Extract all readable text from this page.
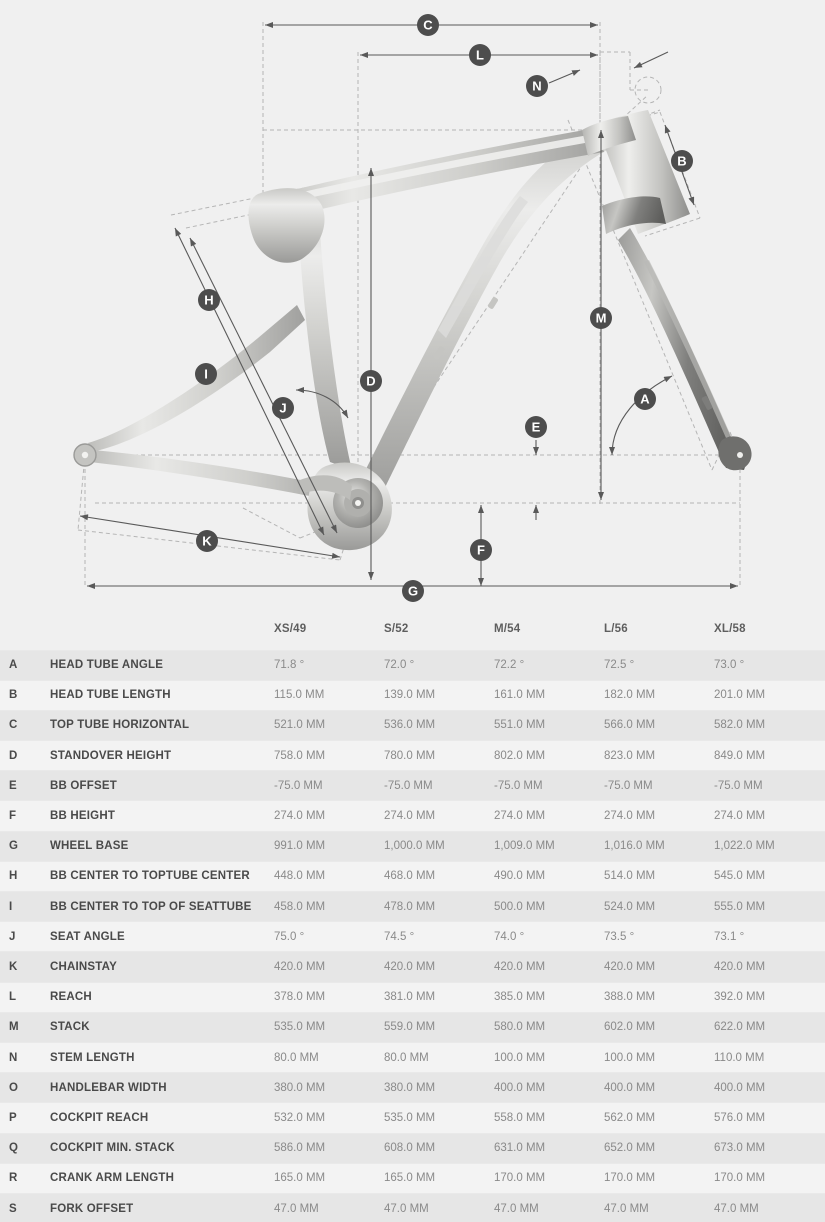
C
L
N
B
H
M
I	D
A
J
E
K
F
G
		XS/49	S/52	M/54	L/56	XL/58
A	HEAD TUBE ANGLE	71.8 °	72.0 °	72.2 °	72.5 °	73.0 °
B	HEAD TUBE LENGTH	115.0 MM	139.0 MM	161.0 MM	182.0 MM	201.0 MM
C	TOP TUBE HORIZONTAL	521.0 MM	536.0 MM	551.0 MM	566.0 MM	582.0 MM
D	STANDOVER HEIGHT	758.0 MM	780.0 MM	802.0 MM	823.0 MM	849.0 MM
E	BB OFFSET	-75.0 MM	-75.0 MM	-75.0 MM	-75.0 MM	-75.0 MM
F	BB HEIGHT	274.0 MM	274.0 MM	274.0 MM	274.0 MM	274.0 MM
G	WHEEL BASE	991.0 MM	1,000.0 MM	1,009.0 MM	1,016.0 MM	1,022.0 MM
H	BB CENTER TO TOPTUBE CENTER	448.0 MM	468.0 MM	490.0 MM	514.0 MM	545.0 MM
I	BB CENTER TO TOP OF SEATTUBE	458.0 MM	478.0 MM	500.0 MM	524.0 MM	555.0 MM
J	SEAT ANGLE	75.0 °	74.5 °	74.0 °	73.5 °	73.1 °
K	CHAINSTAY	420.0 MM	420.0 MM	420.0 MM	420.0 MM	420.0 MM
L	REACH	378.0 MM	381.0 MM	385.0 MM	388.0 MM	392.0 MM
M	STACK	535.0 MM	559.0 MM	580.0 MM	602.0 MM	622.0 MM
N	STEM LENGTH	80.0 MM	80.0 MM	100.0 MM	100.0 MM	110.0 MM
O	HANDLEBAR WIDTH	380.0 MM	380.0 MM	400.0 MM	400.0 MM	400.0 MM
P	COCKPIT REACH	532.0 MM	535.0 MM	558.0 MM	562.0 MM	576.0 MM
Q	COCKPIT MIN. STACK	586.0 MM	608.0 MM	631.0 MM	652.0 MM	673.0 MM
R	CRANK ARM LENGTH	165.0 MM	165.0 MM	170.0 MM	170.0 MM	170.0 MM
S	FORK OFFSET	47.0 MM	47.0 MM	47.0 MM	47.0 MM	47.0 MM
